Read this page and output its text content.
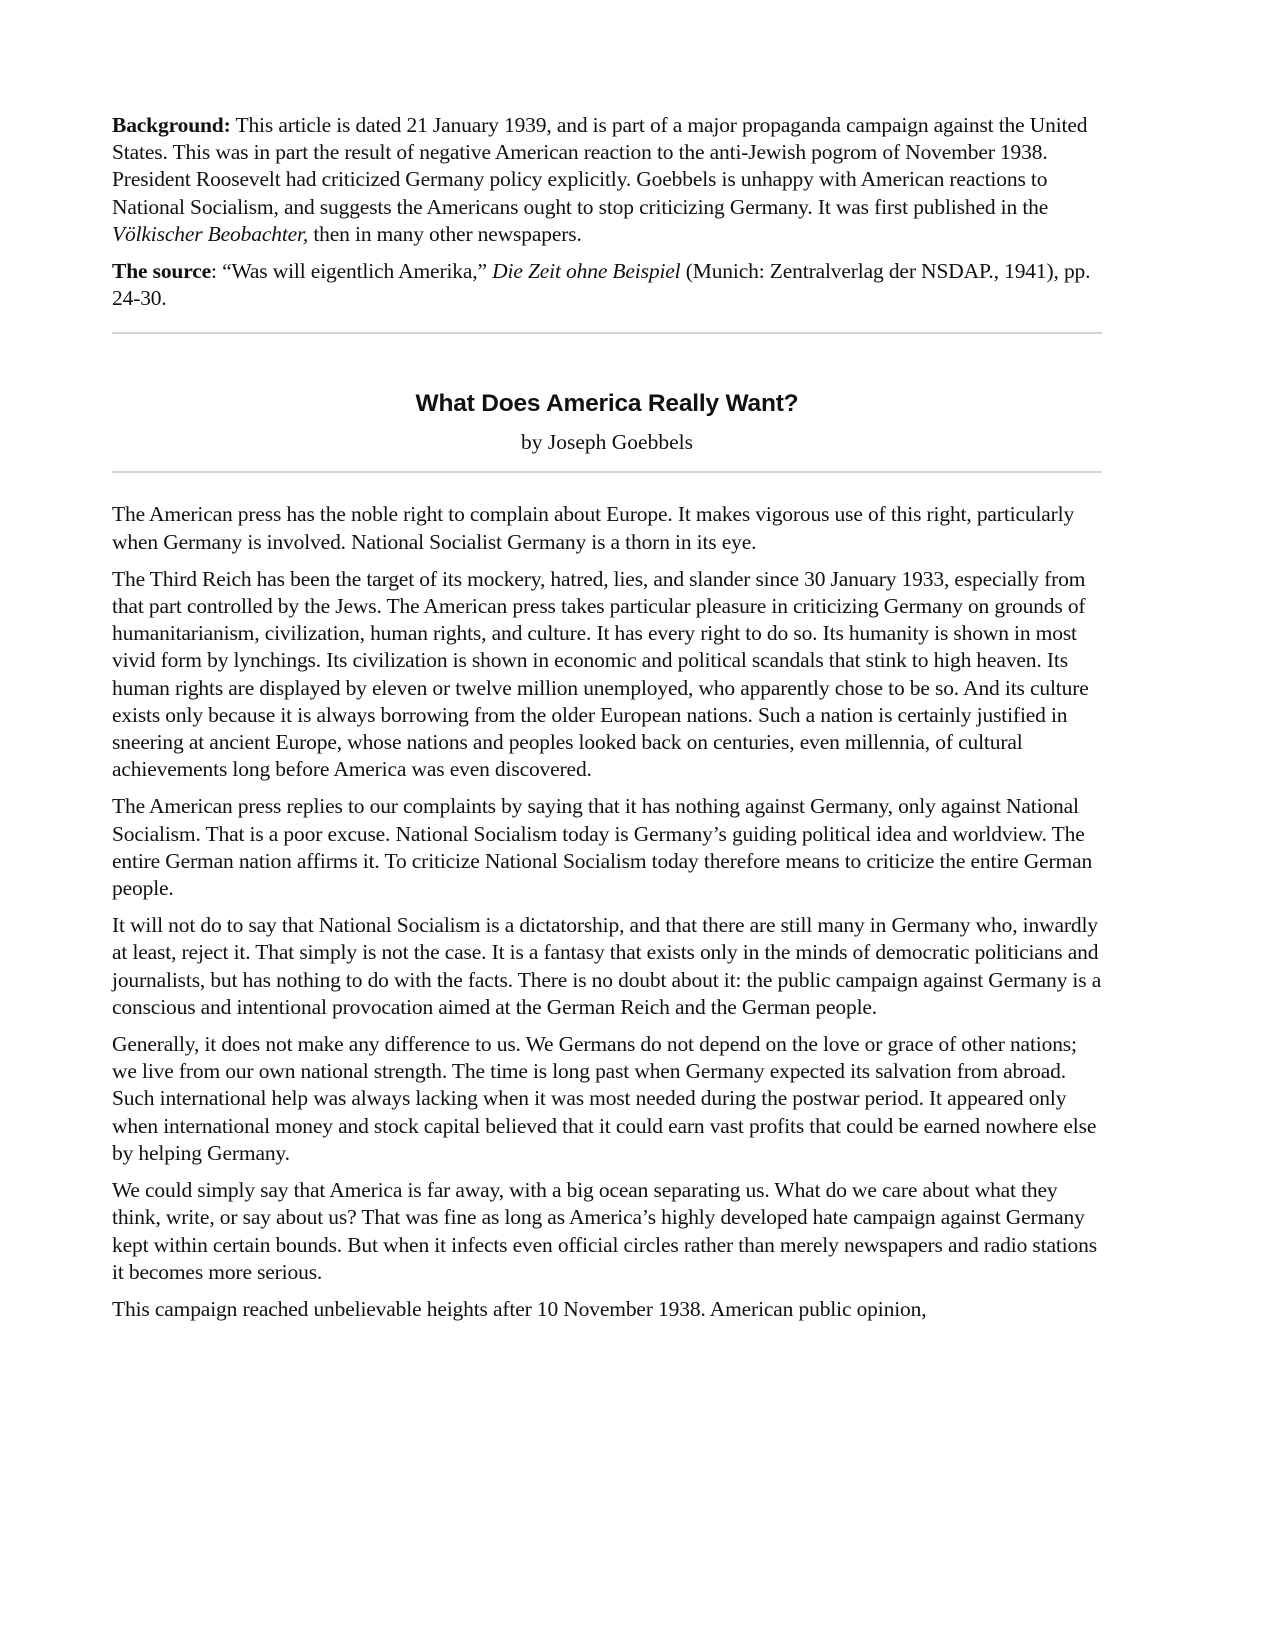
Background: This article is dated 21 January 1939, and is part of a major propaganda campaign against the United States. This was in part the result of negative American reaction to the anti-Jewish pogrom of November 1938. President Roosevelt had criticized Germany policy explicitly. Goebbels is unhappy with American reactions to National Socialism, and suggests the Americans ought to stop criticizing Germany. It was first published in the Völkischer Beobachter, then in many other newspapers.

The source: “Was will eigentlich Amerika,” Die Zeit ohne Beispiel (Munich: Zentralverlag der NSDAP., 1941), pp. 24-30.

What Does America Really Want?
by Joseph Goebbels

The American press has the noble right to complain about Europe. It makes vigorous use of this right, particularly when Germany is involved. National Socialist Germany is a thorn in its eye.

The Third Reich has been the target of its mockery, hatred, lies, and slander since 30 January 1933, especially from that part controlled by the Jews. The American press takes particular pleasure in criticizing Germany on grounds of humanitarianism, civilization, human rights, and culture. It has every right to do so. Its humanity is shown in most vivid form by lynchings. Its civilization is shown in economic and political scandals that stink to high heaven. Its human rights are displayed by eleven or twelve million unemployed, who apparently chose to be so. And its culture exists only because it is always borrowing from the older European nations. Such a nation is certainly justified in sneering at ancient Europe, whose nations and peoples looked back on centuries, even millennia, of cultural achievements long before America was even discovered.

The American press replies to our complaints by saying that it has nothing against Germany, only against National Socialism. That is a poor excuse. National Socialism today is Germany’s guiding political idea and worldview. The entire German nation affirms it. To criticize National Socialism today therefore means to criticize the entire German people.

It will not do to say that National Socialism is a dictatorship, and that there are still many in Germany who, inwardly at least, reject it. That simply is not the case. It is a fantasy that exists only in the minds of democratic politicians and journalists, but has nothing to do with the facts. There is no doubt about it: the public campaign against Germany is a conscious and intentional provocation aimed at the German Reich and the German people.

Generally, it does not make any difference to us. We Germans do not depend on the love or grace of other nations; we live from our own national strength. The time is long past when Germany expected its salvation from abroad. Such international help was always lacking when it was most needed during the postwar period. It appeared only when international money and stock capital believed that it could earn vast profits that could be earned nowhere else by helping Germany.

We could simply say that America is far away, with a big ocean separating us. What do we care about what they think, write, or say about us? That was fine as long as America’s highly developed hate campaign against Germany kept within certain bounds. But when it infects even official circles rather than merely newspapers and radio stations it becomes more serious.

This campaign reached unbelievable heights after 10 November 1938. American public opinion,
